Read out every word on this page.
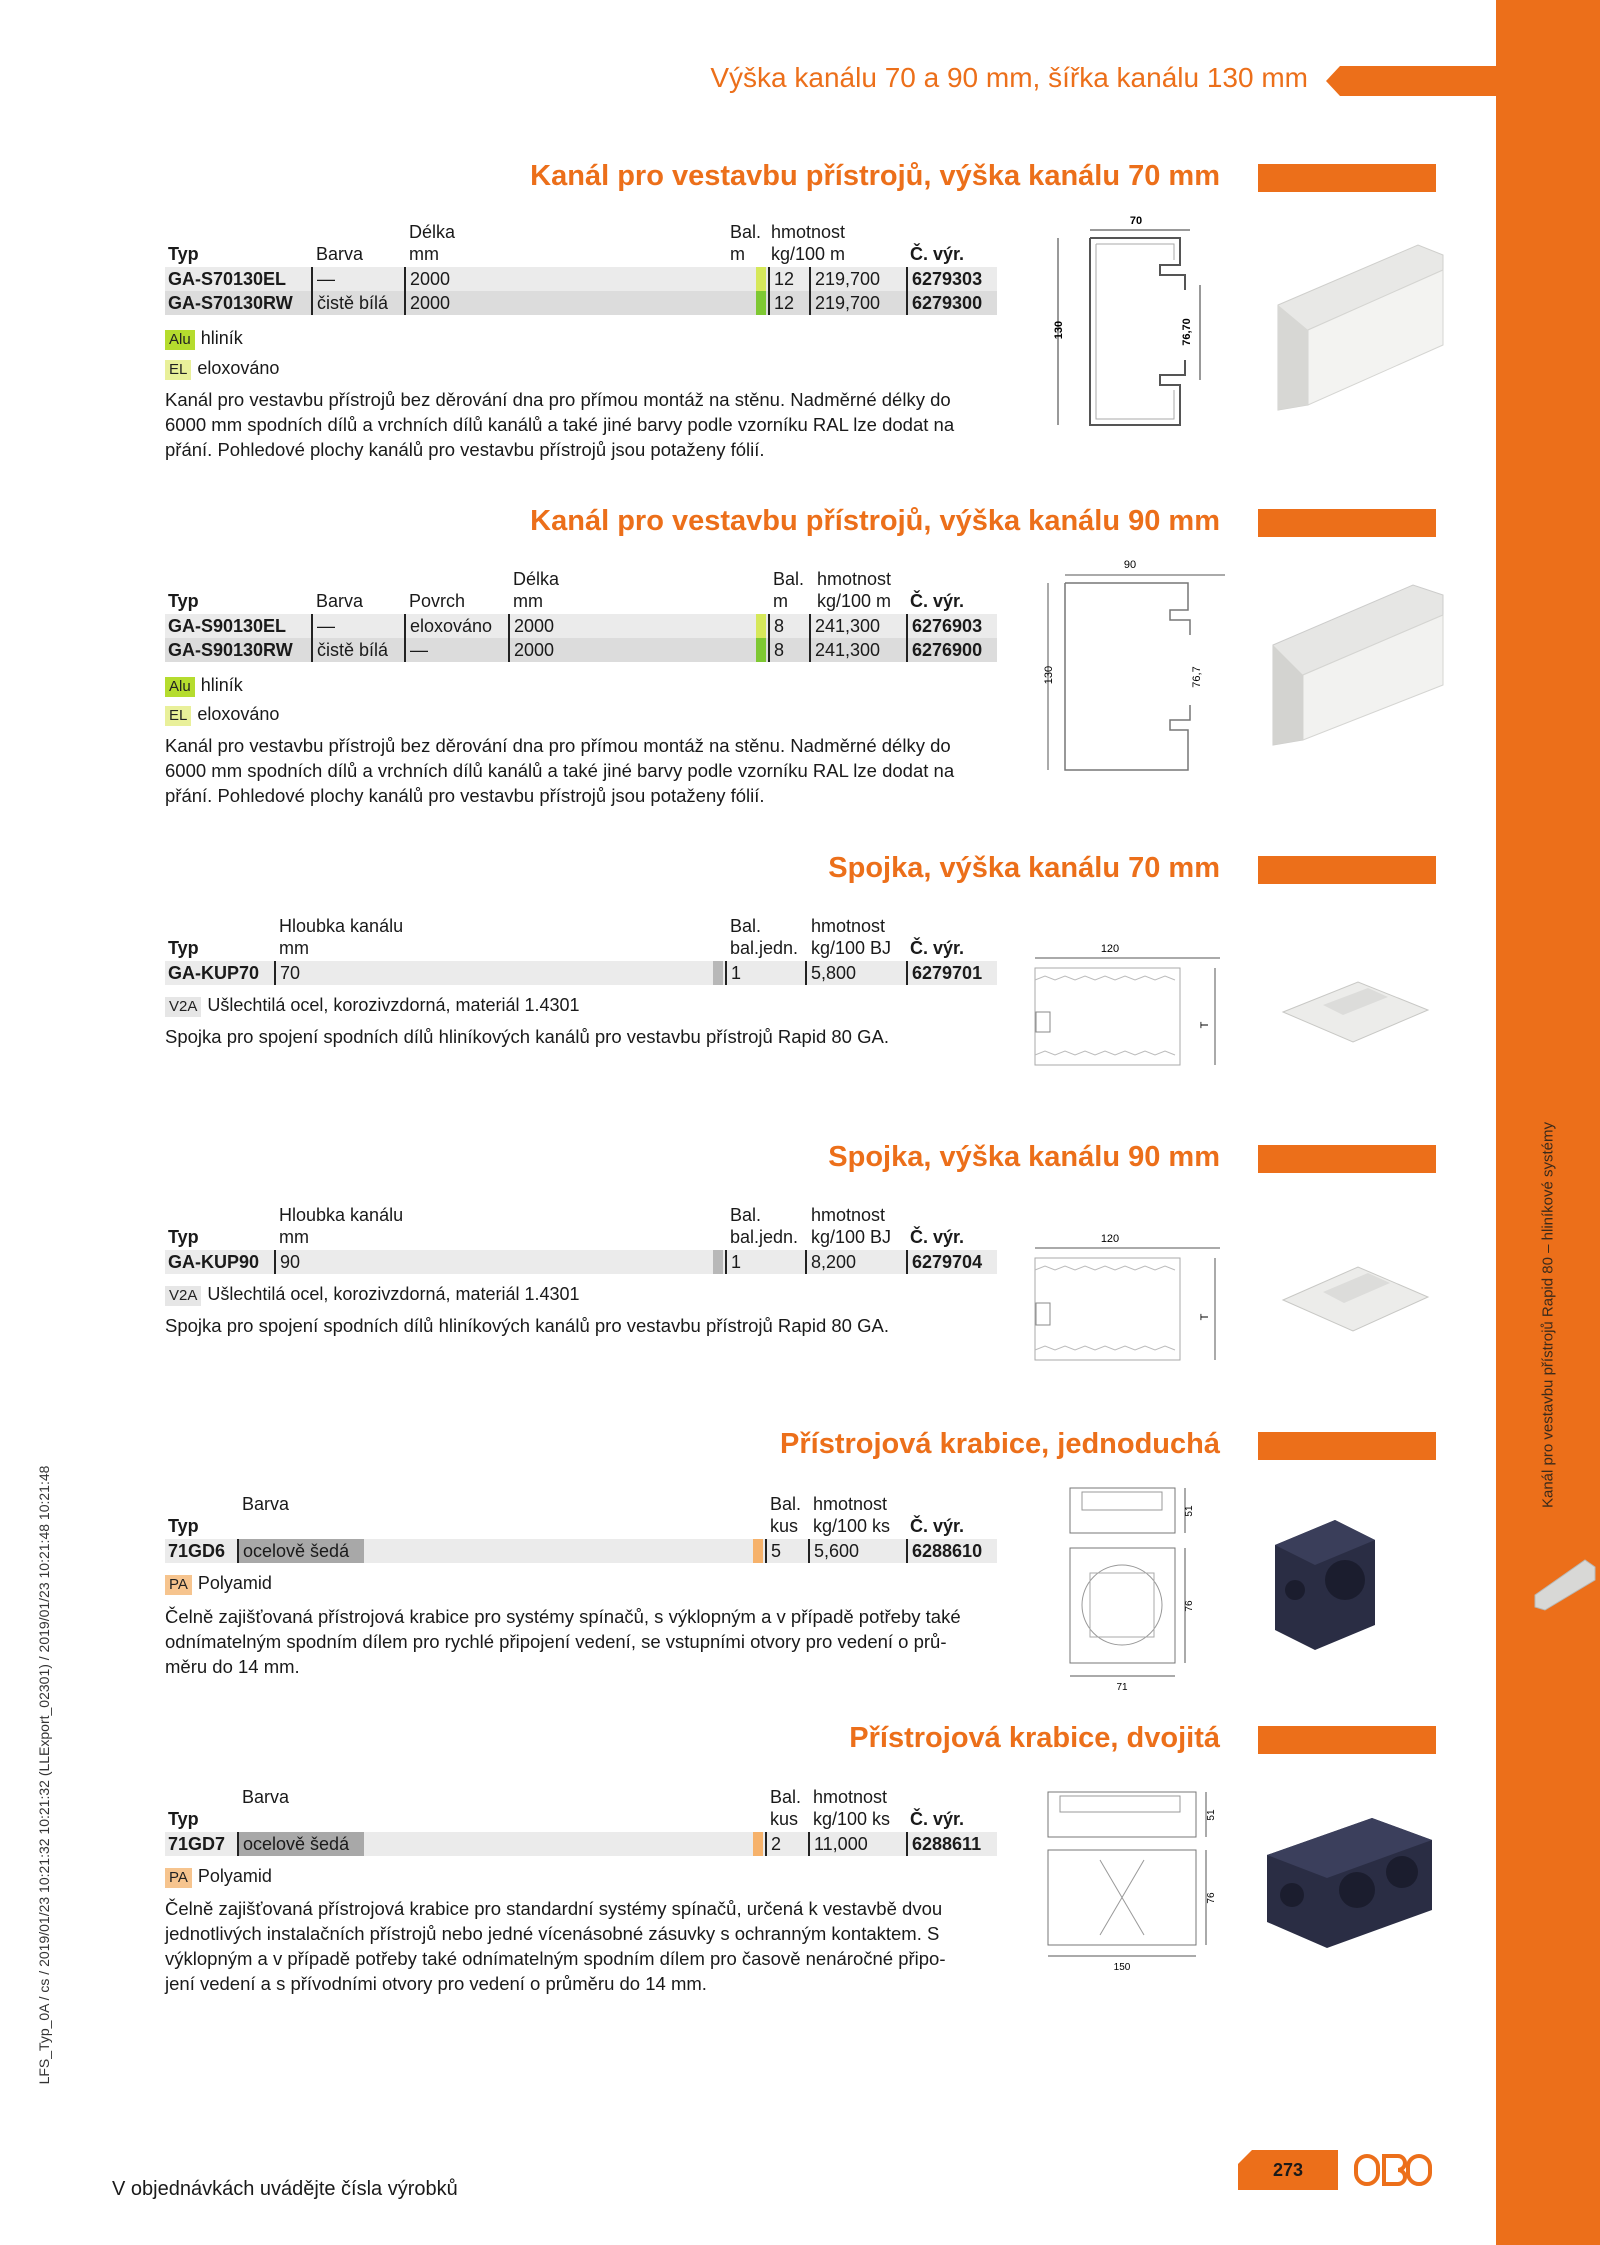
Kanál pro vestavbu přístrojů Rapid 80 – hliníkové systémy
LFS_Typ_0A / cs / 2019/01/23 10:21:32 10:21:32 (LLExport_02301) / 2019/01/23 10:21:48 10:21:48
Výška kanálu 70 a 90 mm, šířka kanálu 130 mm
Kanál pro vestavbu přístrojů, výška kanálu 70 mm
Délka	Bal. hmotnost
Typ	Barva	mm	m kg/100 m	Č. výr.
GA-S70130EL	—	2000	12	219,700	6279303
GA-S70130RW	čistě bílá	2000	12	219,700	6279300
Alu hliník
EL eloxováno
Kanál pro vestavbu přístrojů bez děrování dna pro přímou montáž na stěnu. Nadměrné délky do
6000 mm spodních dílů a vrchních dílů kanálů a také jiné barvy podle vzorníku RAL lze dodat na
přání. Pohledové plochy kanálů pro vestavbu přístrojů jsou potaženy fólií.
70
130	76,70
Kanál pro vestavbu přístrojů, výška kanálu 90 mm
Délka	Bal. hmotnost
Typ	Barva	Povrch	mm	m kg/100 m Č. výr.
GA-S90130EL	—	eloxováno	2000	8	241,300	6276903
GA-S90130RW	čistě bílá	—	2000	8	241,300	6276900
Alu hliník
EL eloxováno
Kanál pro vestavbu přístrojů bez děrování dna pro přímou montáž na stěnu. Nadměrné délky do
6000 mm spodních dílů a vrchních dílů kanálů a také jiné barvy podle vzorníku RAL lze dodat na
přání. Pohledové plochy kanálů pro vestavbu přístrojů jsou potaženy fólií.
90
130	76,7
Spojka, výška kanálu 70 mm
Hloubka kanálu	Bal.	hmotnost
Typ	mm	bal.jedn. kg/100 BJ Č. výr.
GA-KUP70	70	1	5,800	6279701
V2A Ušlechtilá ocel, korozivzdorná, materiál 1.4301
Spojka pro spojení spodních dílů hliníkových kanálů pro vestavbu přístrojů Rapid 80 GA.
120
T
Spojka, výška kanálu 90 mm
Hloubka kanálu	Bal.	hmotnost
Typ	mm	bal.jedn. kg/100 BJ Č. výr.
GA-KUP90	90	1	8,200	6279704
V2A Ušlechtilá ocel, korozivzdorná, materiál 1.4301
Spojka pro spojení spodních dílů hliníkových kanálů pro vestavbu přístrojů Rapid 80 GA.
120
T
Přístrojová krabice, jednoduchá
Barva	Bal. hmotnost
Typ	kus kg/100 ks Č. výr.
71GD6 ocelově šedá	5	5,600	6288610
PA Polyamid
Čelně zajišťovaná přístrojová krabice pro systémy spínačů, s výklopným a v případě potřeby také
odnímatelným spodním dílem pro rychlé připojení vedení, se vstupními otvory pro vedení o prů-
měru do 14 mm.
51
76
71
Přístrojová krabice, dvojitá
Barva	Bal. hmotnost
Typ	kus kg/100 ks Č. výr.
71GD7 ocelově šedá	2	11,000	6288611
PA Polyamid
Čelně zajišťovaná přístrojová krabice pro standardní systémy spínačů, určená k vestavbě dvou
jednotlivých instalačních přístrojů nebo jedné vícenásobné zásuvky s ochranným kontaktem. S
výklopným a v případě potřeby také odnímatelným spodním dílem pro časově nenáročné připo-
jení vedení a s přívodními otvory pro vedení o průměru do 14 mm.
51
76
150
V objednávkách uvádějte čísla výrobků
273
